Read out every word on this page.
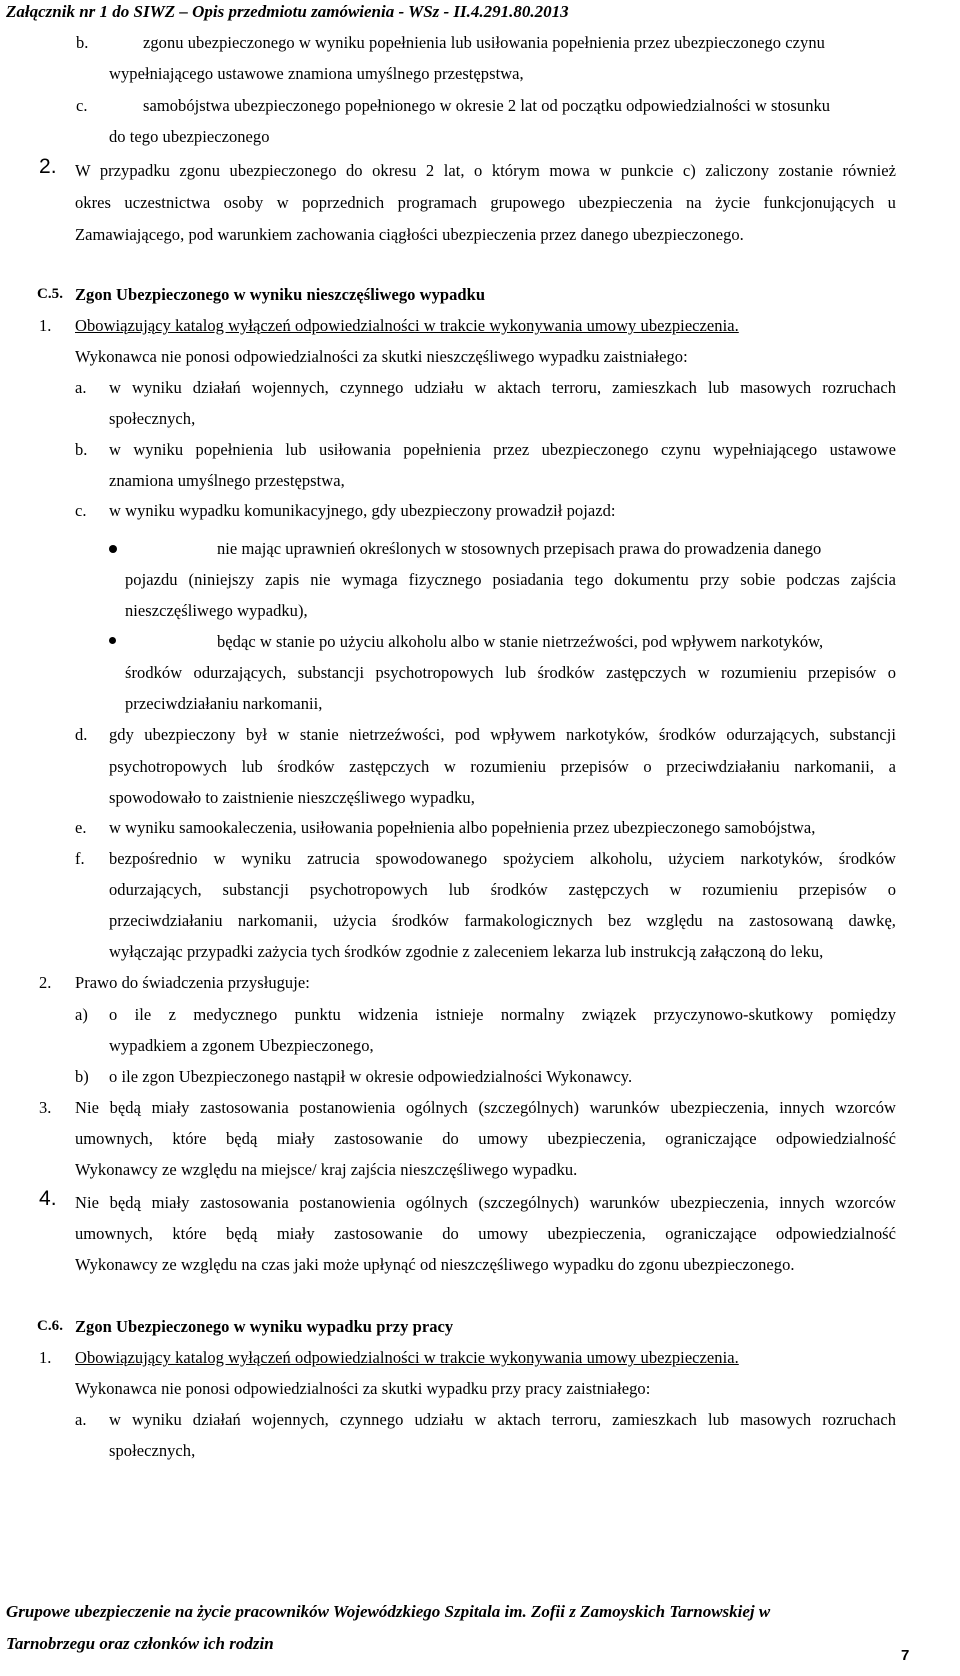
Załącznik nr 1 do SIWZ – Opis przedmiotu zamówienia - WSz - II.4.291.80.2013
b.	zgonu ubezpieczonego w wyniku popełnienia lub usiłowania popełnienia przez ubezpieczonego czynu
wypełniającego ustawowe znamiona umyślnego przestępstwa,
c.	samobójstwa ubezpieczonego popełnionego w okresie 2 lat od początku odpowiedzialności w stosunku
do tego ubezpieczonego
2. W przypadku zgonu ubezpieczonego do okresu 2 lat, o którym mowa w punkcie c) zaliczony zostanie również
okres uczestnictwa osoby w poprzednich programach grupowego ubezpieczenia na życie funkcjonujących u
Zamawiającego, pod warunkiem zachowania ciągłości ubezpieczenia przez danego ubezpieczonego.
C.5. Zgon Ubezpieczonego w wyniku nieszczęśliwego wypadku
1. Obowiązujący katalog wyłączeń odpowiedzialności w trakcie wykonywania umowy ubezpieczenia.
Wykonawca nie ponosi odpowiedzialności za skutki nieszczęśliwego wypadku zaistniałego:
a. w wyniku działań wojennych, czynnego udziału w aktach terroru, zamieszkach lub masowych rozruchach
społecznych,
b. w wyniku popełnienia lub usiłowania popełnienia przez ubezpieczonego czynu wypełniającego ustawowe
znamiona umyślnego przestępstwa,
c. w wyniku wypadku komunikacyjnego, gdy ubezpieczony prowadził pojazd:
nie mając uprawnień określonych w stosownych przepisach prawa do prowadzenia danego
pojazdu (niniejszy zapis nie wymaga fizycznego posiadania tego dokumentu przy sobie podczas zajścia
nieszczęśliwego wypadku),
będąc w stanie po użyciu alkoholu albo w stanie nietrzeźwości, pod wpływem narkotyków,
środków odurzających, substancji psychotropowych lub środków zastępczych w rozumieniu przepisów o
przeciwdziałaniu narkomanii,
d. gdy ubezpieczony był w stanie nietrzeźwości, pod wpływem narkotyków, środków odurzających, substancji
psychotropowych lub środków zastępczych w rozumieniu przepisów o przeciwdziałaniu narkomanii, a
spowodowało to zaistnienie nieszczęśliwego wypadku,
e. w wyniku samookaleczenia, usiłowania popełnienia albo popełnienia przez ubezpieczonego samobójstwa,
f. bezpośrednio w wyniku zatrucia spowodowanego spożyciem alkoholu, użyciem narkotyków, środków
odurzających, substancji psychotropowych lub środków zastępczych w rozumieniu przepisów o
przeciwdziałaniu narkomanii, użycia środków farmakologicznych bez względu na zastosowaną dawkę,
wyłączając przypadki zażycia tych środków zgodnie z zaleceniem lekarza lub instrukcją załączoną do leku,
2. Prawo do świadczenia przysługuje:
a) o ile z medycznego punktu widzenia istnieje normalny związek przyczynowo-skutkowy pomiędzy
wypadkiem a zgonem Ubezpieczonego,
b) o ile zgon Ubezpieczonego nastąpił w okresie odpowiedzialności Wykonawcy.
3. Nie będą miały zastosowania postanowienia ogólnych (szczególnych) warunków ubezpieczenia, innych wzorców
umownych, które będą miały zastosowanie do umowy ubezpieczenia, ograniczające odpowiedzialność
Wykonawcy ze względu na miejsce/ kraj zajścia nieszczęśliwego wypadku.
4. Nie będą miały zastosowania postanowienia ogólnych (szczególnych) warunków ubezpieczenia, innych wzorców
umownych, które będą miały zastosowanie do umowy ubezpieczenia, ograniczające odpowiedzialność
Wykonawcy ze względu na czas jaki może upłynąć od nieszczęśliwego wypadku do zgonu ubezpieczonego.
C.6. Zgon Ubezpieczonego w wyniku wypadku przy pracy
1. Obowiązujący katalog wyłączeń odpowiedzialności w trakcie wykonywania umowy ubezpieczenia.
Wykonawca nie ponosi odpowiedzialności za skutki wypadku przy pracy zaistniałego:
a. w wyniku działań wojennych, czynnego udziału w aktach terroru, zamieszkach lub masowych rozruchach
społecznych,
Grupowe ubezpieczenie na życie pracowników Wojewódzkiego Szpitala im. Zofii z Zamoyskich Tarnowskiej w
Tarnobrzegu oraz członków ich rodzin
7
